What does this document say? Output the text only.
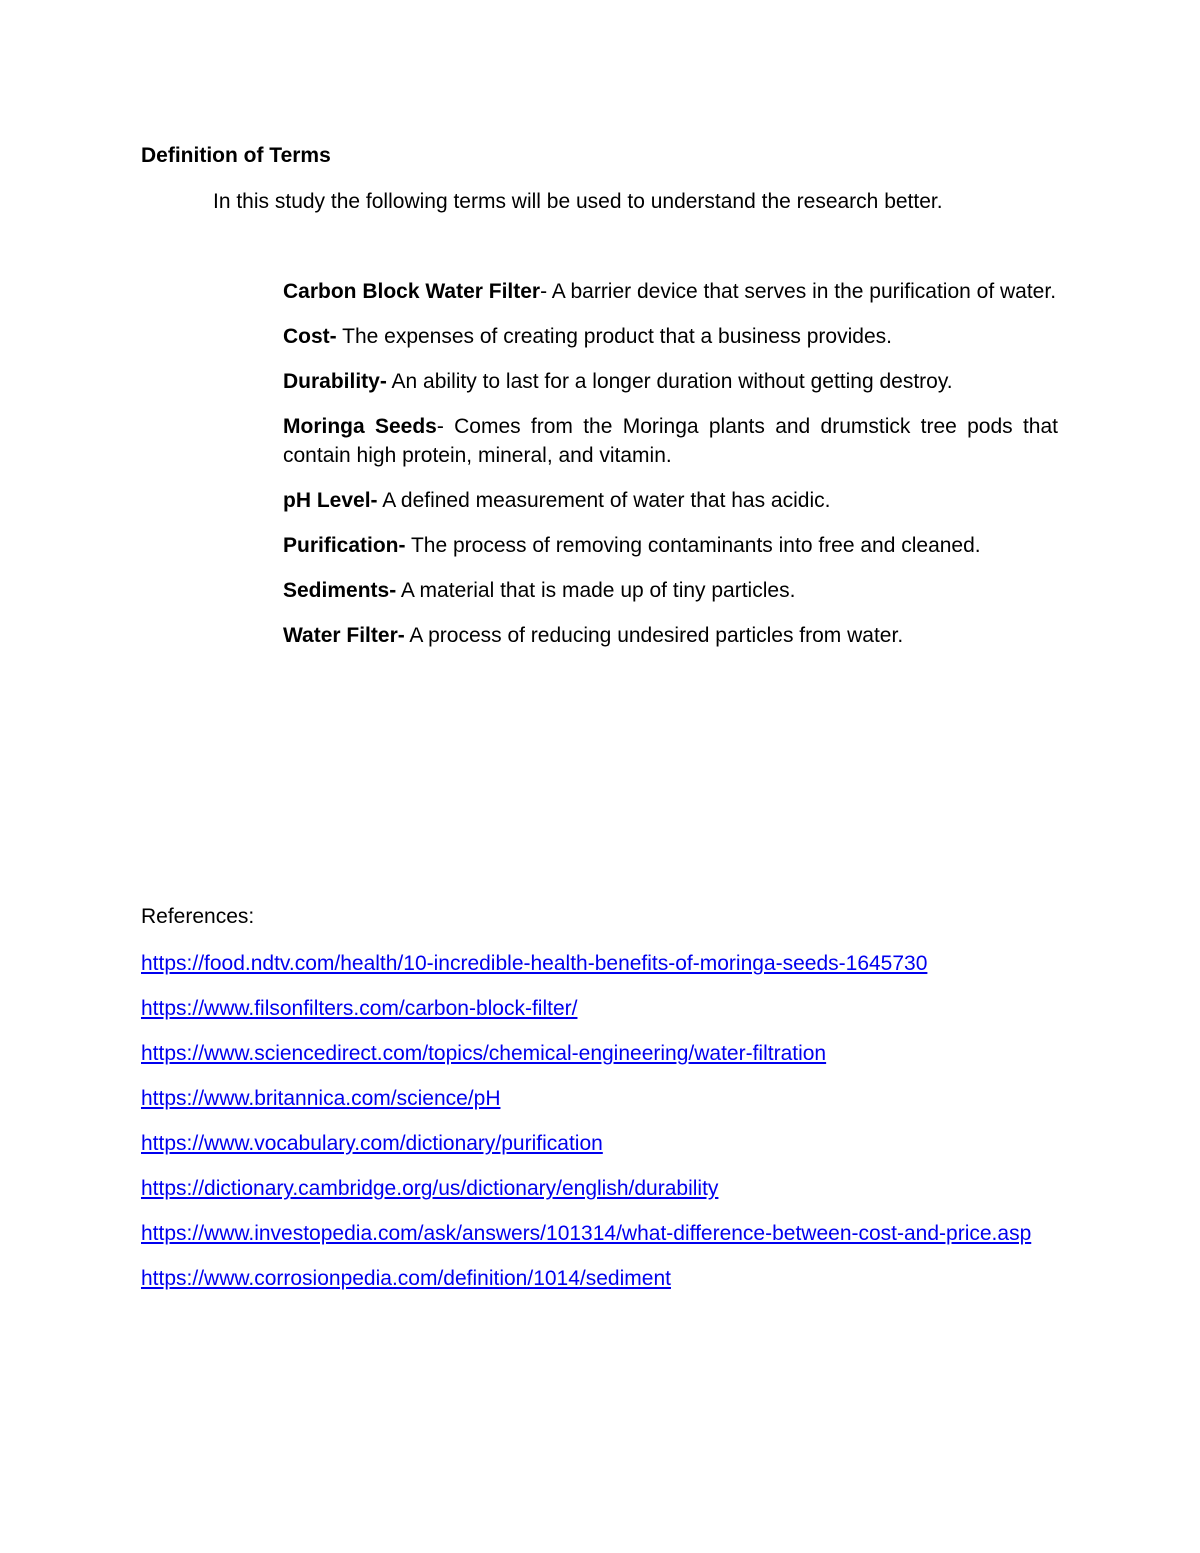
Definition of Terms
In this study the following terms will be used to understand the research better.
Carbon Block Water Filter- A barrier device that serves in the purification of water.
Cost- The expenses of creating product that a business provides.
Durability- An ability to last for a longer duration without getting destroy.
Moringa Seeds- Comes from the Moringa plants and drumstick tree pods that contain high protein, mineral, and vitamin.
pH Level- A defined measurement of water that has acidic.
Purification- The process of removing contaminants into free and cleaned.
Sediments- A material that is made up of tiny particles.
Water Filter- A process of reducing undesired particles from water.
References:
https://food.ndtv.com/health/10-incredible-health-benefits-of-moringa-seeds-1645730
https://www.filsonfilters.com/carbon-block-filter/
https://www.sciencedirect.com/topics/chemical-engineering/water-filtration
https://www.britannica.com/science/pH
https://www.vocabulary.com/dictionary/purification
https://dictionary.cambridge.org/us/dictionary/english/durability
https://www.investopedia.com/ask/answers/101314/what-difference-between-cost-and-price.asp
https://www.corrosionpedia.com/definition/1014/sediment
